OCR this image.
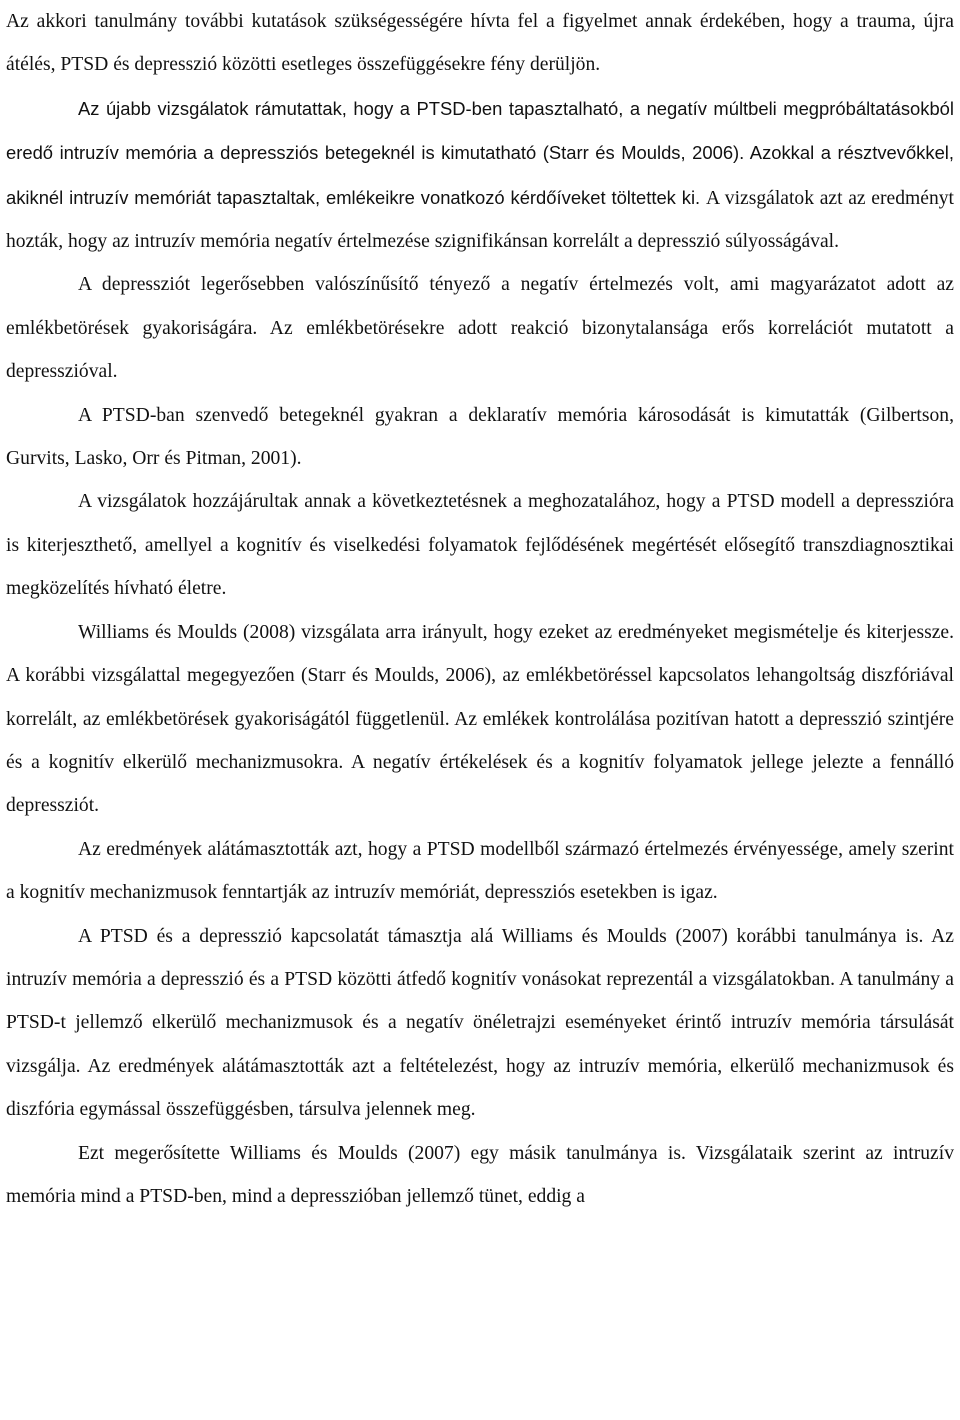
Az akkori tanulmány további kutatások szükségességére hívta fel a figyelmet annak érdekében, hogy a trauma, újra átélés, PTSD és depresszió közötti esetleges összefüggésekre fény derüljön.

Az újabb vizsgálatok rámutattak, hogy a PTSD-ben tapasztalható, a negatív múltbeli megpróbáltatásokból eredő intruzív memória a depressziós betegeknél is kimutatható (Starr és Moulds, 2006). Azokkal a résztvevőkkel, akiknél intruzív memóriát tapasztaltak, emlékeikre vonatkozó kérdőíveket töltettek ki. A vizsgálatok azt az eredményt hozták, hogy az intruzív memória negatív értelmezése szignifikánsan korrelált a depresszió súlyosságával.

A depressziót legerősebben valószínűsítő tényező a negatív értelmezés volt, ami magyarázatot adott az emlékbetörések gyakoriságára. Az emlékbetörésekre adott reakció bizonytalansága erős korrelációt mutatott a depresszióval.

A PTSD-ban szenvedő betegeknél gyakran a deklaratív memória károsodását is kimutatták (Gilbertson, Gurvits, Lasko, Orr és Pitman, 2001).

A vizsgálatok hozzájárultak annak a következtetésnek a meghozatalához, hogy a PTSD modell a depresszióra is kiterjeszthető, amellyel a kognitív és viselkedési folyamatok fejlődésének megértését elősegítő transzdiagnosztikai megközelítés hívható életre.

Williams és Moulds (2008) vizsgálata arra irányult, hogy ezeket az eredményeket megismételje és kiterjessze. A korábbi vizsgálattal megegyezően (Starr és Moulds, 2006), az emlékbetöréssel kapcsolatos lehangoltság diszfóriával korrelált, az emlékbetörések gyakoriságától függetlenül. Az emlékek kontrolálása pozitívan hatott a depresszió szintjére és a kognitív elkerülő mechanizmusokra. A negatív értékelések és a kognitív folyamatok jellege jelezte a fennálló depressziót.

Az eredmények alátámasztották azt, hogy a PTSD modellből származó értelmezés érvényessége, amely szerint a kognitív mechanizmusok fenntartják az intruzív memóriát, depressziós esetekben is igaz.

A PTSD és a depresszió kapcsolatát támasztja alá Williams és Moulds (2007) korábbi tanulmánya is. Az intruzív memória a depresszió és a PTSD közötti átfedő kognitív vonásokat reprezentál a vizsgálatokban. A tanulmány a PTSD-t jellemző elkerülő mechanizmusok és a negatív önéletrajzi eseményeket érintő intruzív memória társulását vizsgálja. Az eredmények alátámasztották azt a feltételezést, hogy az intruzív memória, elkerülő mechanizmusok és diszfória egymással összefüggésben, társulva jelennek meg.

Ezt megerősítette Williams és Moulds (2007) egy másik tanulmánya is. Vizsgálataik szerint az intruzív memória mind a PTSD-ben, mind a depresszióban jellemző tünet, eddig a
